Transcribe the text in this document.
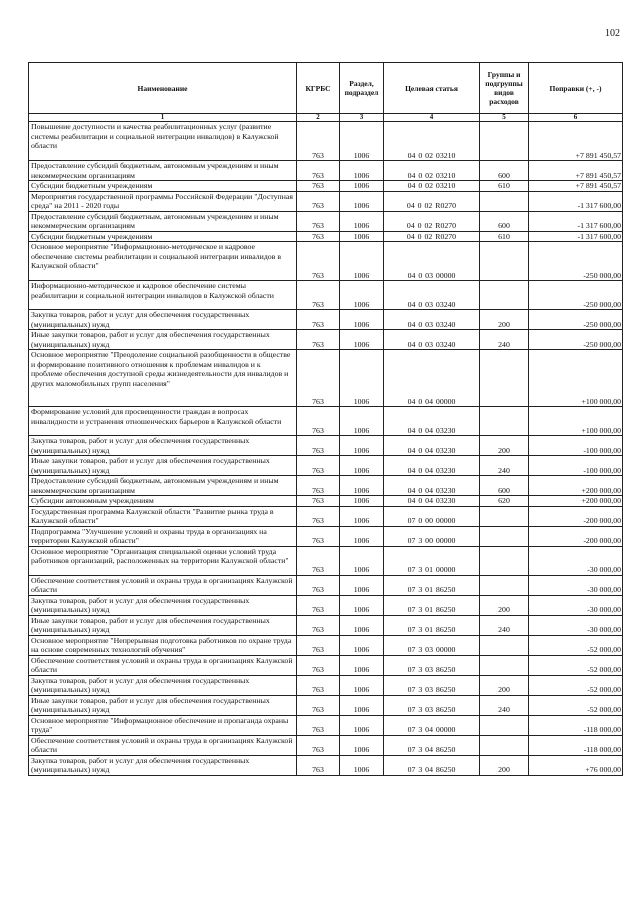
102
Наименование	КГРБС	Раздел, подраздел	Целевая статья	Группы и подгруппы видов расходов	Поправки (+, -)
1	2	3	4	5	6
Повышение доступности и качества реабилитационных услуг (развитие системы реабилитации и социальной интеграции инвалидов) в Калужской области	763	1006	04 0 02 03210		+7 891 450,57
Предоставление субсидий бюджетным, автономным учреждениям и иным некоммерческим организациям	763	1006	04 0 02 03210	600	+7 891 450,57
Субсидии бюджетным учреждениям	763	1006	04 0 02 03210	610	+7 891 450,57
Мероприятия государственной программы Российской Федерации "Доступная среда" на 2011 - 2020 годы	763	1006	04 0 02 R0270		-1 317 600,00
Предоставление субсидий бюджетным, автономным учреждениям и иным некоммерческим организациям	763	1006	04 0 02 R0270	600	-1 317 600,00
Субсидии бюджетным учреждениям	763	1006	04 0 02 R0270	610	-1 317 600,00
Основное мероприятие "Информационно-методическое и кадровое обеспечение системы реабилитации и социальной интеграции инвалидов в Калужской области"	763	1006	04 0 03 00000		-250 000,00
Информационно-методическое и кадровое обеспечение системы реабилитации и социальной интеграции инвалидов в Калужской области	763	1006	04 0 03 03240		-250 000,00
Закупка товаров, работ и услуг для обеспечения государственных (муниципальных) нужд	763	1006	04 0 03 03240	200	-250 000,00
Иные закупки товаров, работ и услуг для обеспечения государственных (муниципальных) нужд	763	1006	04 0 03 03240	240	-250 000,00
Основное мероприятие "Преодоление социальной разобщенности в обществе и формирование позитивного отношения к проблемам инвалидов и к проблеме обеспечения доступной среды жизнедеятельности для инвалидов и других маломобильных групп населения"	763	1006	04 0 04 00000		+100 000,00
Формирование условий для просвещенности граждан в вопросах инвалидности и устранения отношенческих барьеров в Калужской области	763	1006	04 0 04 03230		+100 000,00
Закупка товаров, работ и услуг для обеспечения государственных (муниципальных) нужд	763	1006	04 0 04 03230	200	-100 000,00
Иные закупки товаров, работ и услуг для обеспечения государственных (муниципальных) нужд	763	1006	04 0 04 03230	240	-100 000,00
Предоставление субсидий бюджетным, автономным учреждениям и иным некоммерческим организациям	763	1006	04 0 04 03230	600	+200 000,00
Субсидии автономным учреждениям	763	1006	04 0 04 03230	620	+200 000,00
Государственная программа Калужской области "Развитие рынка труда в Калужской области"	763	1006	07 0 00 00000		-200 000,00
Подпрограмма "Улучшение условий и охраны труда в организациях на территории Калужской области"	763	1006	07 3 00 00000		-200 000,00
Основное мероприятие "Организация специальной оценки условий труда работников организаций, расположенных на территории Калужской области"	763	1006	07 3 01 00000		-30 000,00
Обеспечение соответствия условий и охраны труда в организациях Калужской области	763	1006	07 3 01 86250		-30 000,00
Закупка товаров, работ и услуг для обеспечения государственных (муниципальных) нужд	763	1006	07 3 01 86250	200	-30 000,00
Иные закупки товаров, работ и услуг для обеспечения государственных (муниципальных) нужд	763	1006	07 3 01 86250	240	-30 000,00
Основное мероприятие "Непрерывная подготовка работников по охране труда на основе современных технологий обучения"	763	1006	07 3 03 00000		-52 000,00
Обеспечение соответствия условий и охраны труда в организациях Калужской области	763	1006	07 3 03 86250		-52 000,00
Закупка товаров, работ и услуг для обеспечения государственных (муниципальных) нужд	763	1006	07 3 03 86250	200	-52 000,00
Иные закупки товаров, работ и услуг для обеспечения государственных (муниципальных) нужд	763	1006	07 3 03 86250	240	-52 000,00
Основное мероприятие "Информационное обеспечение и пропаганда охраны труда"	763	1006	07 3 04 00000		-118 000,00
Обеспечение соответствия условий и охраны труда в организациях Калужской области	763	1006	07 3 04 86250		-118 000,00
Закупка товаров, работ и услуг для обеспечения государственных (муниципальных) нужд	763	1006	07 3 04 86250	200	+76 000,00
